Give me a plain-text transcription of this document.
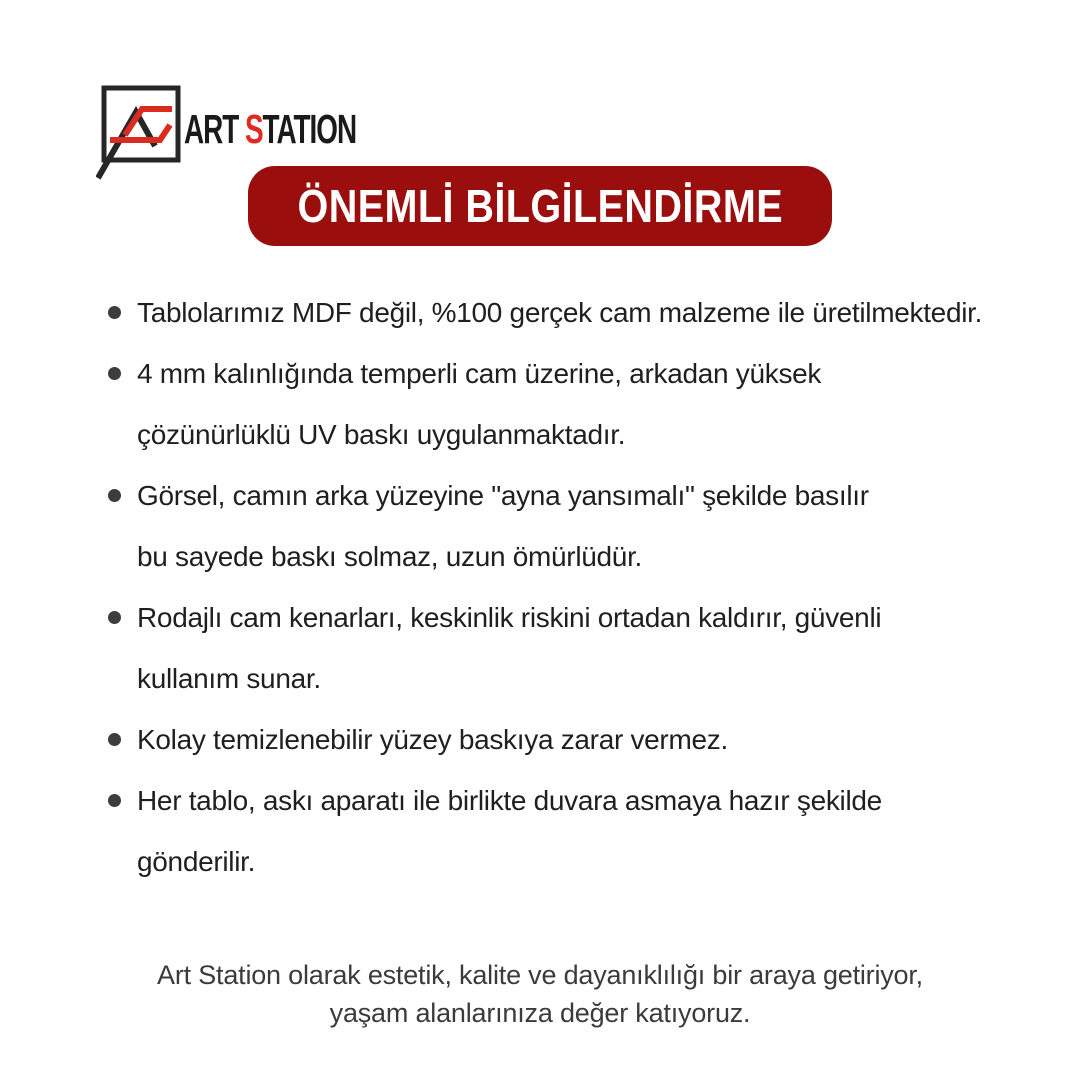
ART STATION
ÖNEMLİ BİLGİLENDİRME
Tablolarımız MDF değil, %100 gerçek cam malzeme ile üretilmektedir.
4 mm kalınlığında temperli cam üzerine, arkadan yüksek
çözünürlüklü UV baskı uygulanmaktadır.
Görsel, camın arka yüzeyine "ayna yansımalı" şekilde basılır
bu sayede baskı solmaz, uzun ömürlüdür.
Rodajlı cam kenarları, keskinlik riskini ortadan kaldırır, güvenli
kullanım sunar.
Kolay temizlenebilir yüzey baskıya zarar vermez.
Her tablo, askı aparatı ile birlikte duvara asmaya hazır şekilde
gönderilir.
Art Station olarak estetik, kalite ve dayanıklılığı bir araya getiriyor,
yaşam alanlarınıza değer katıyoruz.
